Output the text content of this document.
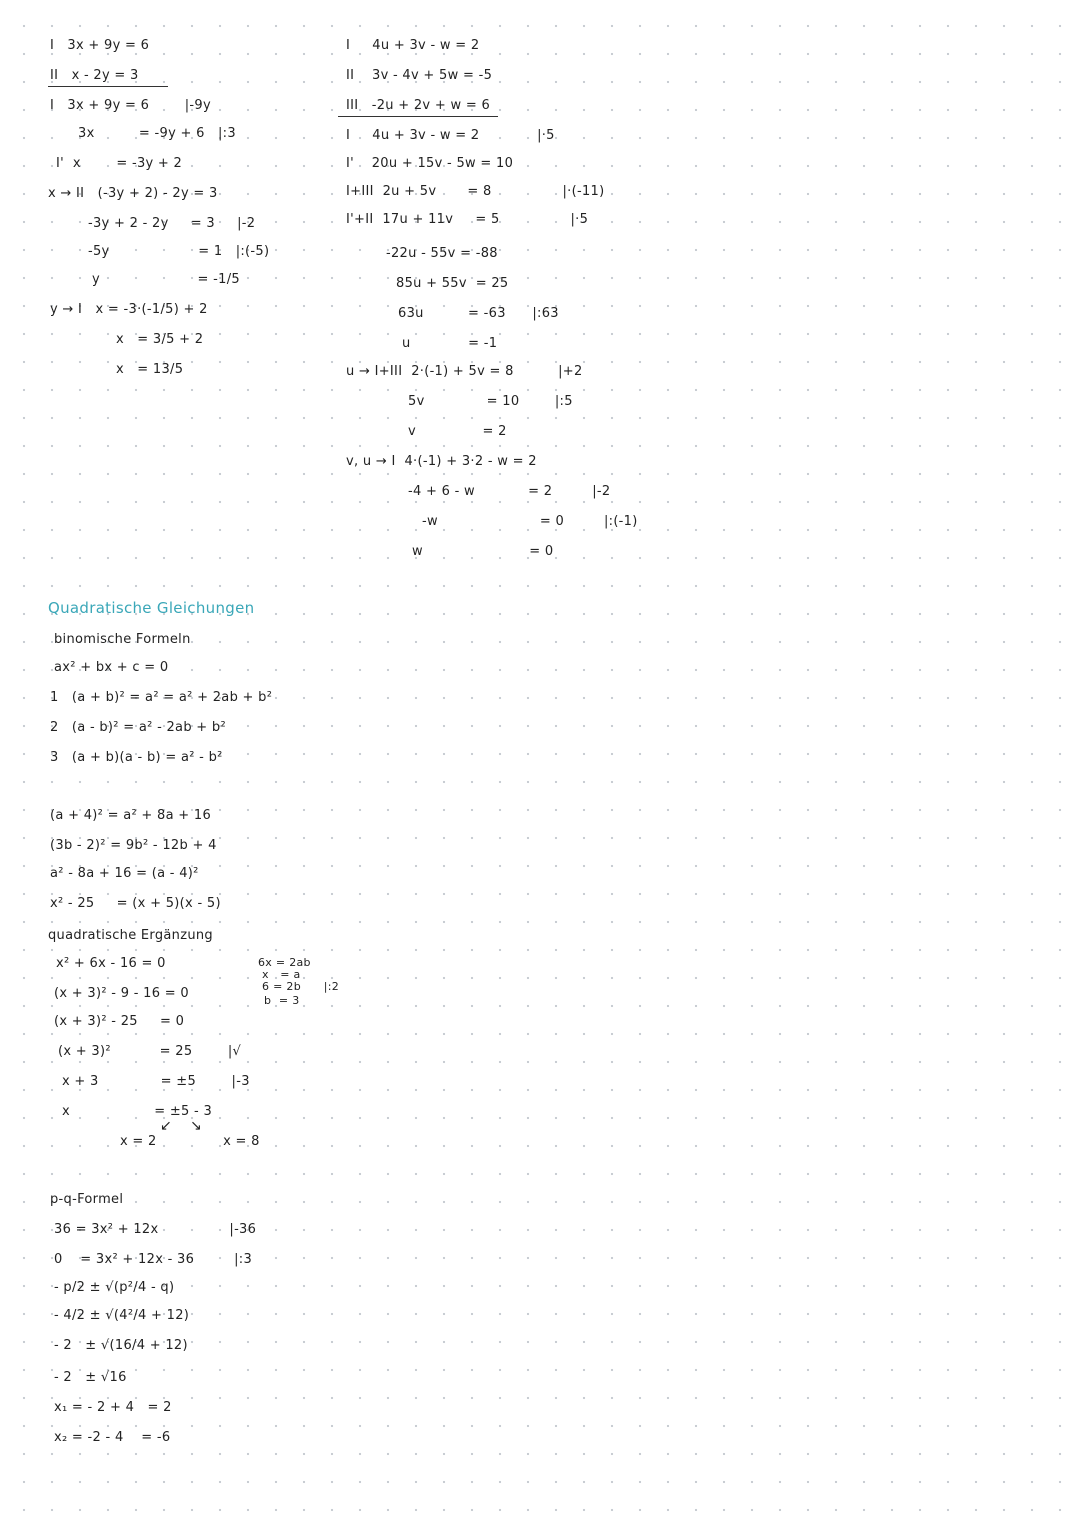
I   3x + 9y = 6
II   x - 2y = 3
I   3x + 9y = 6        |-9y
3x          = -9y + 6   |:3
I'  x        = -3y + 2
x → II   (-3y + 2) - 2y = 3
-3y + 2 - 2y     = 3     |-2
-5y                    = 1   |:(-5)
y                      = -1/5
y → I   x = -3·(-1/5) + 2
x   = 3/5 + 2
x   = 13/5
I     4u + 3v - w = 2
II    3v - 4v + 5w = -5
III   -2u + 2v + w = 6
I     4u + 3v - w = 2             |·5
I'    20u + 15v - 5w = 10
I+III  2u + 5v       = 8                |·(-11)
I'+II  17u + 11v     = 5                |·5
-22u - 55v = -88
85u + 55v  = 25
63u          = -63      |:63
u             = -1
u → I+III  2·(-1) + 5v = 8          |+2
5v              = 10        |:5
v               = 2
v, u → I  4·(-1) + 3·2 - w = 2
-4 + 6 - w            = 2         |-2
-w                       = 0         |:(-1)
w                        = 0
Quadratische Gleichungen
binomische Formeln
ax² + bx + c = 0
1   (a + b)² = a² = a² + 2ab + b²
2   (a - b)² = a² - 2ab + b²
3   (a + b)(a - b) = a² - b²
(a + 4)² = a² + 8a + 16
(3b - 2)² = 9b² - 12b + 4
a² - 8a + 16 = (a - 4)²
x² - 25     = (x + 5)(x - 5)
quadratische Ergänzung
x² + 6x - 16 = 0
(x + 3)² - 9 - 16 = 0
(x + 3)² - 25     = 0
(x + 3)²           = 25        |√
x + 3              = ±5        |-3
x                   = ±5 - 3
x = 2               x = 8
6x = 2ab
x   = a
6 = 2b      |:2
b  = 3
p-q-Formel
36 = 3x² + 12x                |-36
0    = 3x² + 12x - 36         |:3
- p/2 ± √(p²/4 - q)
- 4/2 ± √(4²/4 + 12)
- 2   ± √(16/4 + 12)
- 2   ± √16
x₁ = - 2 + 4   = 2
x₂ = -2 - 4    = -6
↙ ↘
